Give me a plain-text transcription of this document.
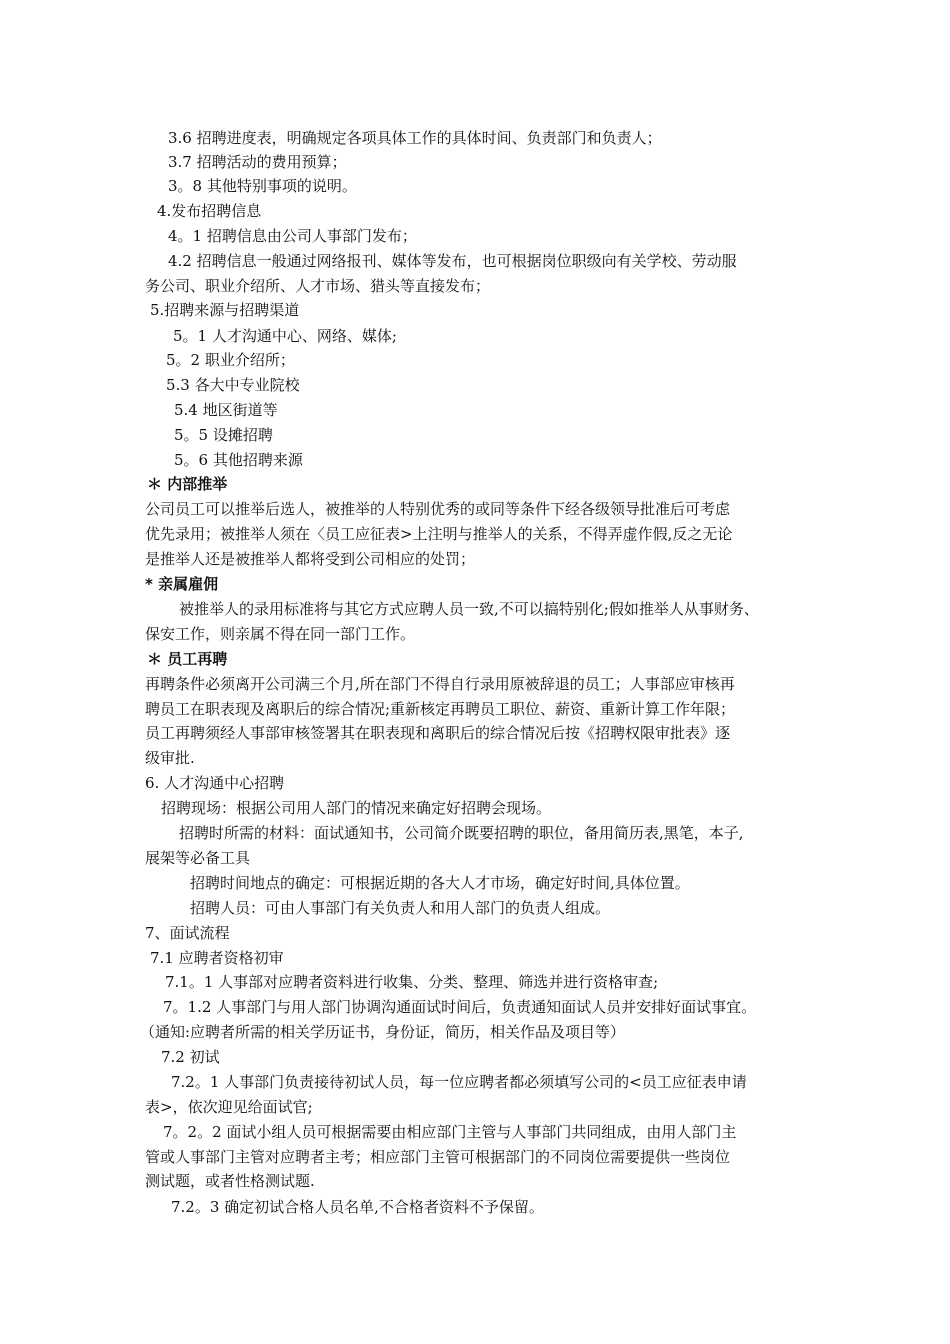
3.6 招聘进度表，明确规定各项具体工作的具体时间、负责部门和负责人；
3.7 招聘活动的费用预算；
3。8 其他特别事项的说明。
4.发布招聘信息
4。1 招聘信息由公司人事部门发布；
4.2 招聘信息一般通过网络报刊、媒体等发布，也可根据岗位职级向有关学校、劳动服
务公司、职业介绍所、人才市场、猎头等直接发布；
5.招聘来源与招聘渠道
5。1 人才沟通中心、网络、媒体;
5。2 职业介绍所；
5.3 各大中专业院校
5.4 地区街道等
5。5 设摊招聘
5。6 其他招聘来源
＊ 内部推举
公司员工可以推举后选人，被推举的人特别优秀的或同等条件下经各级领导批准后可考虑
优先录用；被推举人须在〈员工应征表>上注明与推举人的关系，不得弄虚作假,反之无论
是推举人还是被推举人都将受到公司相应的处罚；
* 亲属雇佣
被推举人的录用标准将与其它方式应聘人员一致,不可以搞特别化;假如推举人从事财务、
保安工作，则亲属不得在同一部门工作。
＊ 员工再聘
再聘条件必须离开公司满三个月,所在部门不得自行录用原被辞退的员工；人事部应审核再
聘员工在职表现及离职后的综合情况;重新核定再聘员工职位、薪资、重新计算工作年限；
员工再聘须经人事部审核签署其在职表现和离职后的综合情况后按《招聘权限审批表》逐
级审批.
6. 人才沟通中心招聘
招聘现场：根据公司用人部门的情况来确定好招聘会现场。
招聘时所需的材料：面试通知书，公司简介既要招聘的职位，备用简历表,黑笔，本子,
展架等必备工具
招聘时间地点的确定：可根据近期的各大人才市场，确定好时间,具体位置。
招聘人员：可由人事部门有关负责人和用人部门的负责人组成。
7、面试流程
7.1 应聘者资格初审
7.1。1 人事部对应聘者资料进行收集、分类、整理、筛选并进行资格审查;
7。1.2 人事部门与用人部门协调沟通面试时间后，负责通知面试人员并安排好面试事宜。
（通知:应聘者所需的相关学历证书，身份证，简历，相关作品及项目等）
7.2 初试
7.2。1 人事部门负责接待初试人员，每一位应聘者都必须填写公司的<员工应征表申请
表>，依次迎见给面试官;
7。2。2 面试小组人员可根据需要由相应部门主管与人事部门共同组成，由用人部门主
管或人事部门主管对应聘者主考；相应部门主管可根据部门的不同岗位需要提供一些岗位
测试题，或者性格测试题.
7.2。3 确定初试合格人员名单,不合格者资料不予保留。
